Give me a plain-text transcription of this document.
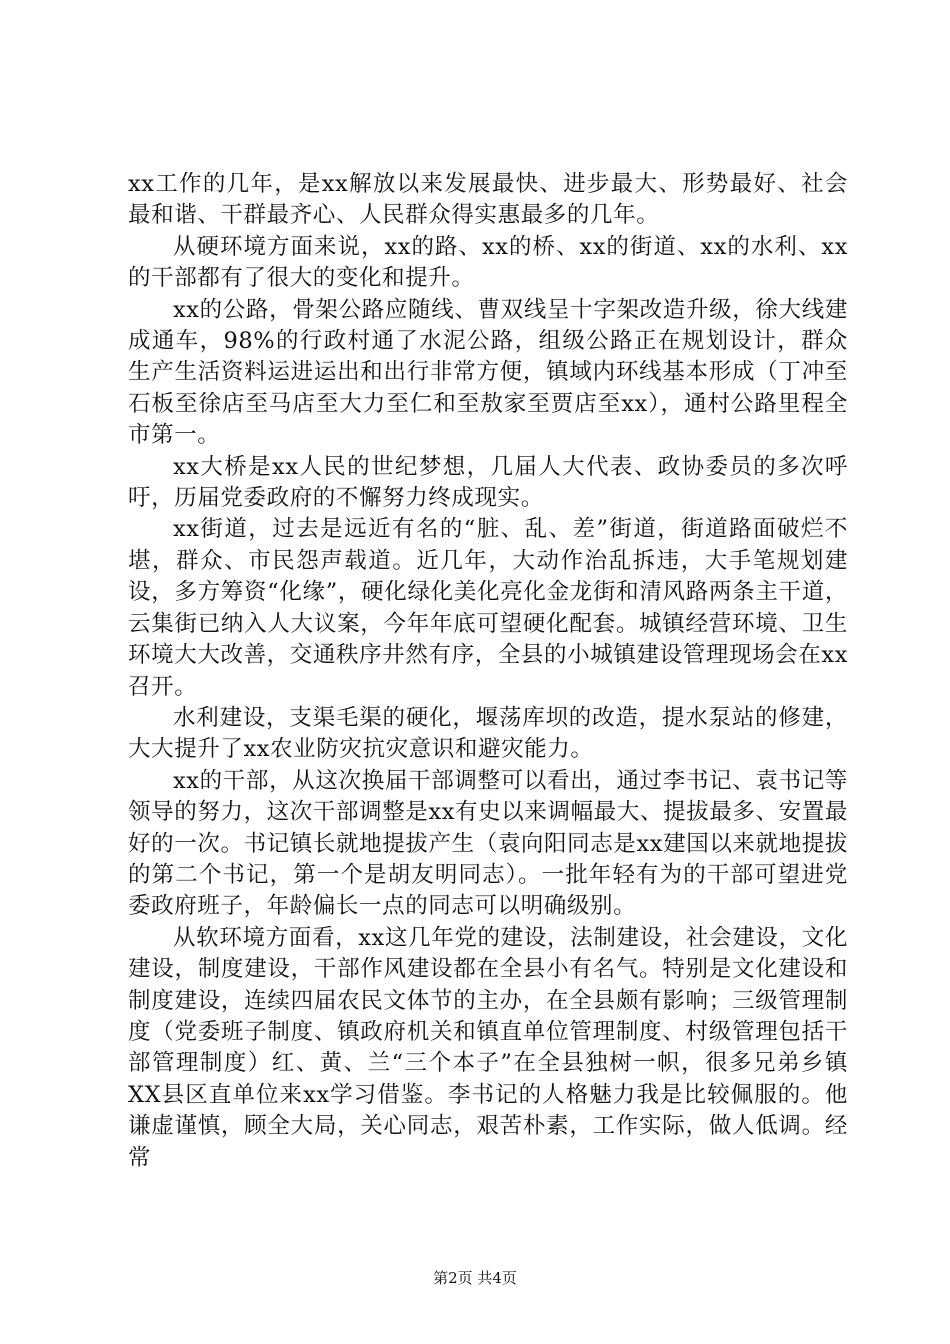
xx工作的几年，是xx解放以来发展最快、进步最大、形势最好、社会最和谐、干群最齐心、人民群众得实惠最多的几年。

从硬环境方面来说，xx的路、xx的桥、xx的街道、xx的水利、xx的干部都有了很大的变化和提升。

xx的公路，骨架公路应随线、曹双线呈十字架改造升级，徐大线建成通车，98%的行政村通了水泥公路，组级公路正在规划设计，群众生产生活资料运进运出和出行非常方便，镇域内环线基本形成（丁冲至石板至徐店至马店至大力至仁和至敖家至贾店至xx），通村公路里程全市第一。

xx大桥是xx人民的世纪梦想，几届人大代表、政协委员的多次呼吁，历届党委政府的不懈努力终成现实。

xx街道，过去是远近有名的“脏、乱、差”街道，街道路面破烂不堪，群众、市民怨声载道。近几年，大动作治乱拆违，大手笔规划建设，多方筹资“化缘”，硬化绿化美化亮化金龙街和清风路两条主干道，云集街已纳入人大议案，今年年底可望硬化配套。城镇经营环境、卫生环境大大改善，交通秩序井然有序，全县的小城镇建设管理现场会在xx召开。

水利建设，支渠毛渠的硬化，堰荡库坝的改造，提水泵站的修建，大大提升了xx农业防灾抗灾意识和避灾能力。

xx的干部，从这次换届干部调整可以看出，通过李书记、袁书记等领导的努力，这次干部调整是xx有史以来调幅最大、提拔最多、安置最好的一次。书记镇长就地提拔产生（袁向阳同志是xx建国以来就地提拔的第二个书记，第一个是胡友明同志）。一批年轻有为的干部可望进党委政府班子，年龄偏长一点的同志可以明确级别。

从软环境方面看，xx这几年党的建设，法制建设，社会建设，文化建设，制度建设，干部作风建设都在全县小有名气。特别是文化建设和制度建设，连续四届农民文体节的主办，在全县颇有影响；三级管理制度（党委班子制度、镇政府机关和镇直单位管理制度、村级管理包括干部管理制度）红、黄、兰“三个本子”在全县独树一帜，很多兄弟乡镇XX县区直单位来xx学习借鉴。李书记的人格魅力我是比较佩服的。他谦虚谨慎，顾全大局，关心同志，艰苦朴素，工作实际，做人低调。经常

第2页 共4页
